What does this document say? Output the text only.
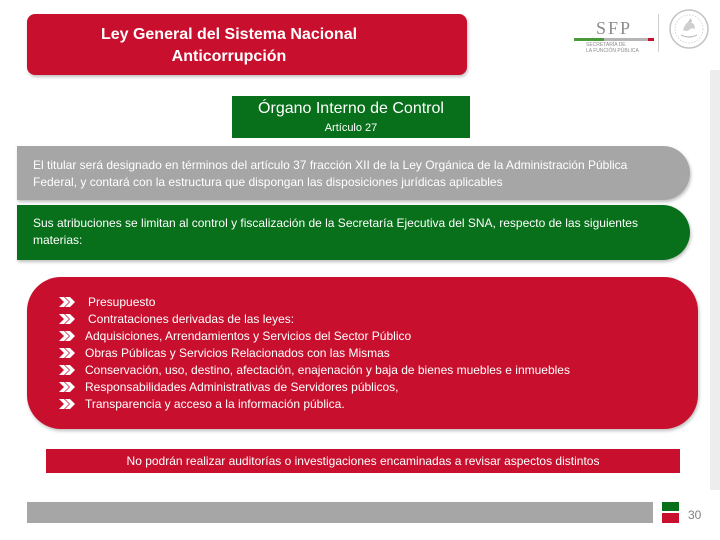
Ley General del Sistema Nacional
Anticorrupción
SFP
SECRETARÍA DE
LA FUNCIÓN PÚBLICA
Órgano Interno de Control
Artículo 27
El titular será designado en términos del artículo 37 fracción XII de la Ley Orgánica de la Administración Pública Federal, y contará con la estructura que dispongan las disposiciones jurídicas aplicables
Sus atribuciones se limitan al control y fiscalización de la Secretaría Ejecutiva del SNA, respecto de las siguientes materias:
Presupuesto
Contrataciones derivadas de las leyes:
Adquisiciones, Arrendamientos y Servicios del Sector Público
Obras Públicas y Servicios Relacionados con las Mismas
Conservación, uso, destino, afectación, enajenación y baja de bienes muebles e inmuebles
Responsabilidades Administrativas de Servidores públicos,
Transparencia y acceso a la información pública.
No podrán realizar auditorías o investigaciones encaminadas a revisar aspectos distintos
30
